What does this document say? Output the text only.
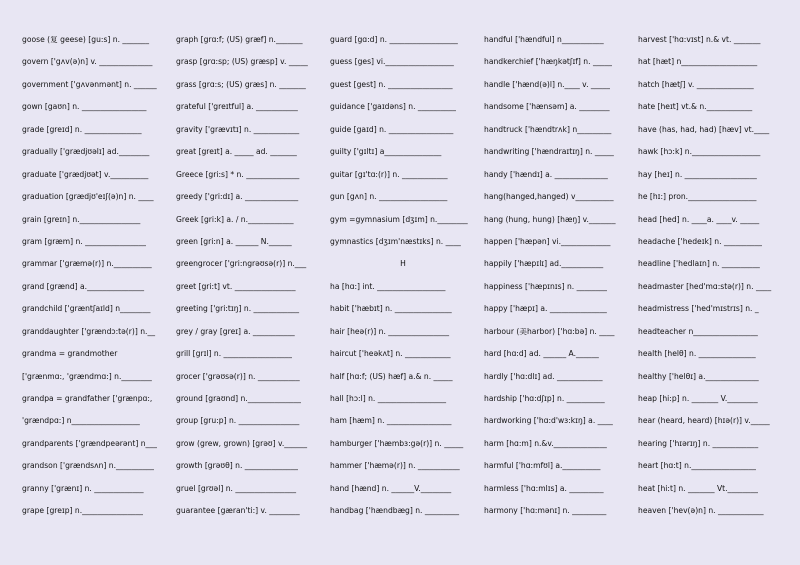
goose (复 geese) [gu:s] n. _______
govern ['gʌv(ə)n] v. ______________
government ['gʌvənmənt] n. ______
gown [gaʊn] n. _________________
grade [greɪd] n. _______________
gradually ['grædjʊəlɪ] ad.________
graduate ['grædjʊət] v.__________
graduation [grædjʊ'eɪʃ(ə)n] n. ____
grain [greɪn] n.________________
gram [græm] n. ________________
grammar ['græmə(r)] n.__________
grand [grænd] a._______________
grandchild ['græntʃaɪld] n________
granddaughter ['grændɔ:tə(r)] n.__
grandma = grandmother
['grænmɑ:, 'grændmɑ:] n.________
grandpa = grandfather ['grænpɑ:,
'grændpɑ:] n__________________
grandparents ['grændpeərənt] n___
grandson ['grændsʌn] n.__________
granny ['grænɪ] n. _____________
grape [greɪp] n.________________
graph [grɑ:f; (US) græf] n._______
grasp [grɑ:sp; (US) græsp] v. _____
grass [grɑ:s; (US) græs] n. _______
grateful ['greɪtful] a. ___________
gravity ['grævɪtɪ] n. ____________
great [greɪt] a. _____ ad. _______
Greece [gri:s] * n. ______________
greedy ['gri:dɪ] a. ______________
Greek [gri:k] a. / n.____________
green [gri:n] a. ______ N.______
greengrocer ['gri:ngrəʊsə(r)] n.___
greet [gri:t] vt. ________________
greeting ['gri:tɪŋ] n. ____________
grey / gray [greɪ] a. ___________
grill [grɪl] n. __________________
grocer ['grəʊsə(r)] n. ___________
ground [graʊnd] n.______________
group [gru:p] n. ________________
grow (grew, grown) [grəʊ] v.______
growth [grəʊθ] n. ______________
gruel [grʊəl] n. ________________
guarantee [gæran'ti:] v. ________
guard [gɑ:d] n. __________________
guess [ges] vi.__________________
guest [gest] n. _________________
guidance ['gaɪdəns] n. __________
guide [gaɪd] n. _________________
guilty ['gɪltɪ] a_______________
guitar [gɪ'tɑ:(r)] n. ____________
gun [gʌn] n. __________________
gym =gymnasium [dʒɪm] n.________
gymnastics [dʒɪm'næstɪks] n. ____
H
ha [hɑ:] int. __________________
habit ['hæbɪt] n. _______________
hair [heə(r)] n. ________________
haircut ['heəkʌt] n. ____________
half [hɑ:f; (US) hæf] a.& n. _____
hall [hɔ:l] n. __________________
ham [hæm] n. _________________
hamburger ['hæmbɜ:gə(r)] n. _____
hammer ['hæmə(r)] n. ___________
hand [hænd] n. ______V.________
handbag ['hændbæg] n. _________
handful ['hændful] n___________
handkerchief ['hæŋkətʃɪf] n. _____
handle ['hænd(ə)l] n.____ v. _____
handsome ['hænsəm] a. ________
handtruck ['hændtrʌk] n_________
handwriting ['hændraɪtɪŋ] n. _____
handy ['hændɪ] a. ______________
hang(hanged,hanged) v__________
hang (hung, hung) [hæŋ] v._______
happen ['hæpən] vi._____________
happily ['hæpɪlɪ] ad.___________
happiness ['hæpɪnɪs] n. ________
happy ['hæpɪ] a. _______________
harbour (美harbor) ['hɑ:bə] n. ____
hard [hɑ:d] ad. ______ A.______
hardly ['hɑ:dlɪ] ad. ____________
hardship ['hɑ:dʃɪp] n. __________
hardworking ['hɑ:d'wɜ:kɪŋ] a. ____
harm [hɑ:m] n.&v.______________
harmful ['hɑ:mfʊl] a.__________
harmless ['hɑ:mlɪs] a. _________
harmony ['hɑ:mənɪ] n. _________
harvest ['hɑ:vɪst] n.& vt. _______
hat [hæt] n____________________
hatch [hætʃ] v. _______________
hate [heɪt] vt.& n.____________
have (has, had, had) [hæv] vt.____
hawk [hɔ:k] n.__________________
hay [heɪ] n. ___________________
he [hɪ:] pron.__________________
head [hed] n. ____a. ____v. _____
headache ['hedeɪk] n. __________
headline ['hedlaɪn] n. __________
headmaster [hed'mɑ:stə(r)] n. ____
headmistress ['hed'mɪstrɪs] n. _
headteacher n_________________
health [helθ] n. _______________
healthy ['helθɪ] a.______________
heap [hi:p] n. _______ V.________
hear (heard, heard) [hɪə(r)] v._____
hearing ['hɪərɪŋ] n. ____________
heart [hɑ:t] n._________________
heat [hi:t] n. _______ Vt.________
heaven ['hev(ə)n] n. ____________
